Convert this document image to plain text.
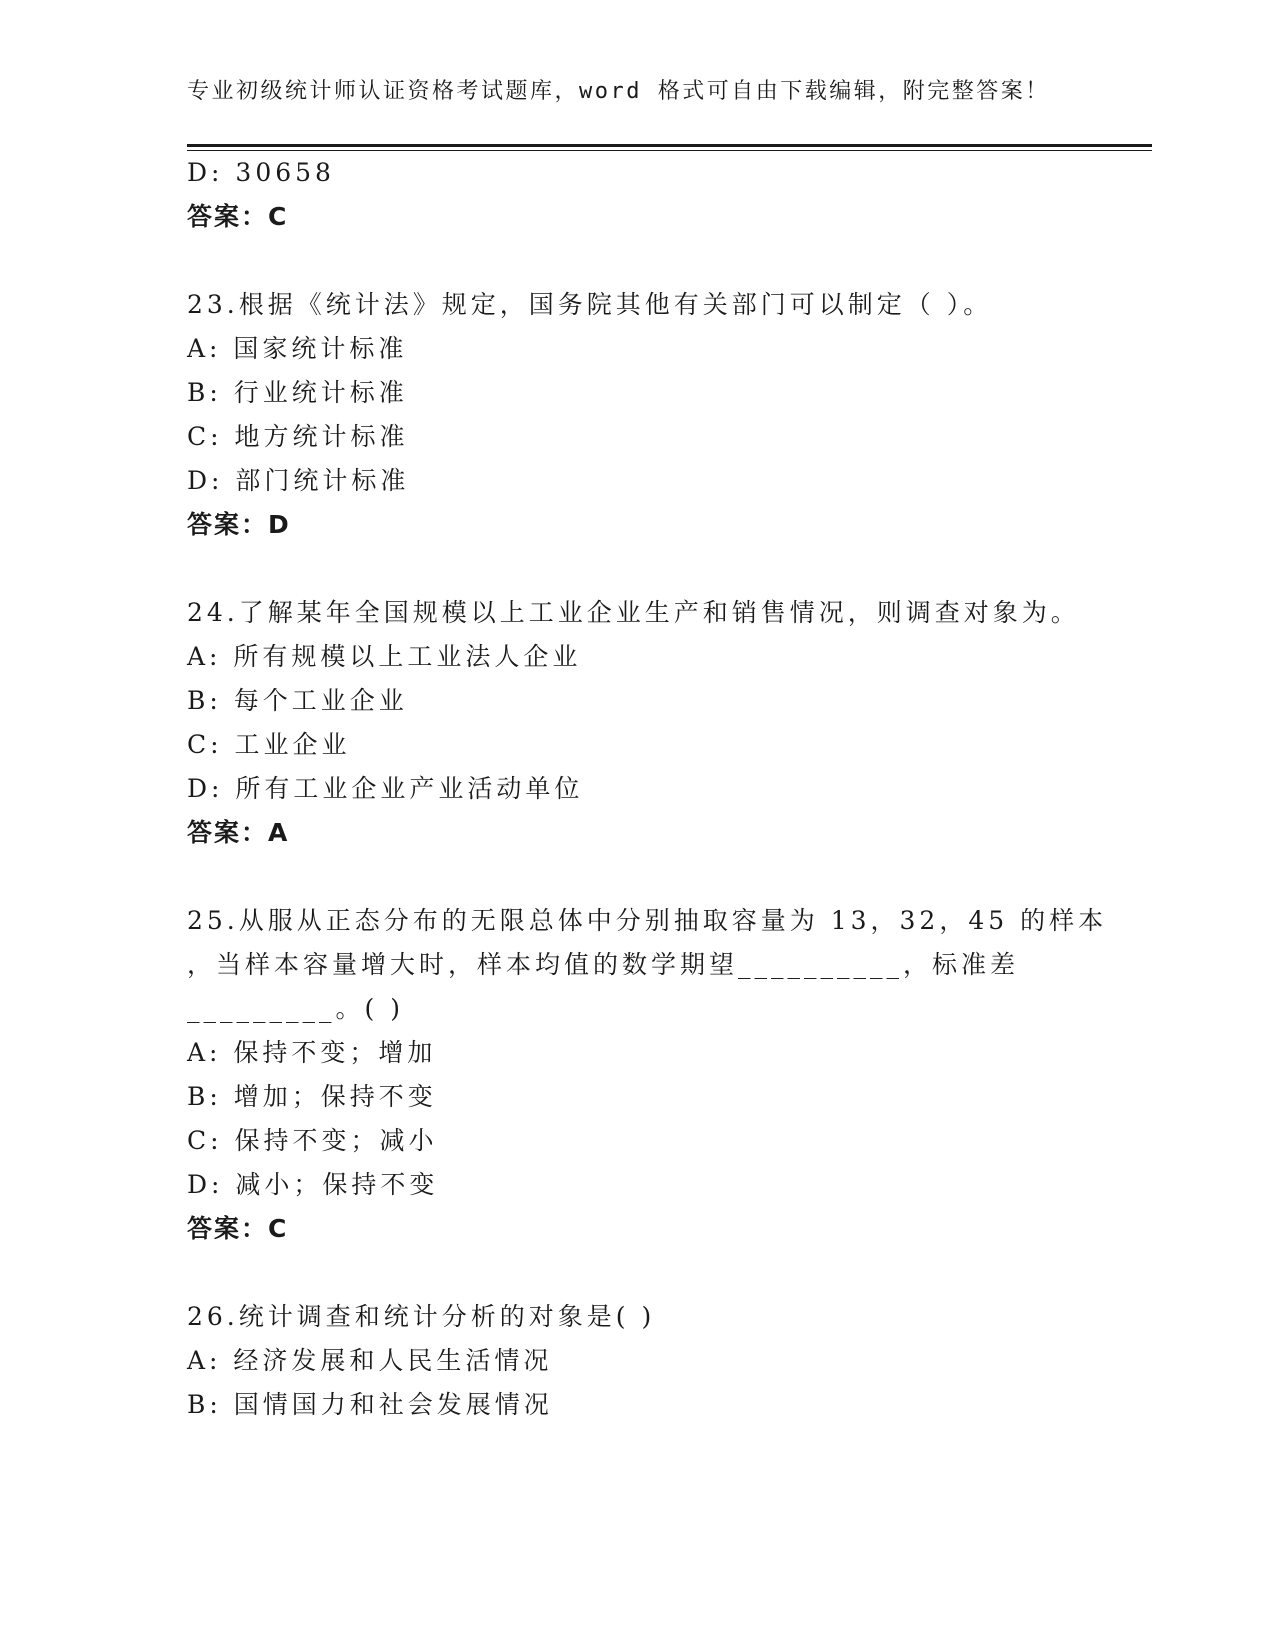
专业初级统计师认证资格考试题库，word 格式可自由下载编辑，附完整答案！
D: 30658
答案：C
23.根据《统计法》规定，国务院其他有关部门可以制定（ ）。
A: 国家统计标准
B: 行业统计标准
C: 地方统计标准
D: 部门统计标准
答案：D
24.了解某年全国规模以上工业企业生产和销售情况，则调查对象为。
A: 所有规模以上工业法人企业
B: 每个工业企业
C: 工业企业
D: 所有工业企业产业活动单位
答案：A
25.从服从正态分布的无限总体中分别抽取容量为 13，32，45 的样本
，当样本容量增大时，样本均值的数学期望__________，标准差
_________。( )
A: 保持不变；增加
B: 增加；保持不变
C: 保持不变；减小
D: 减小；保持不变
答案：C
26.统计调查和统计分析的对象是( )
A: 经济发展和人民生活情况
B: 国情国力和社会发展情况
